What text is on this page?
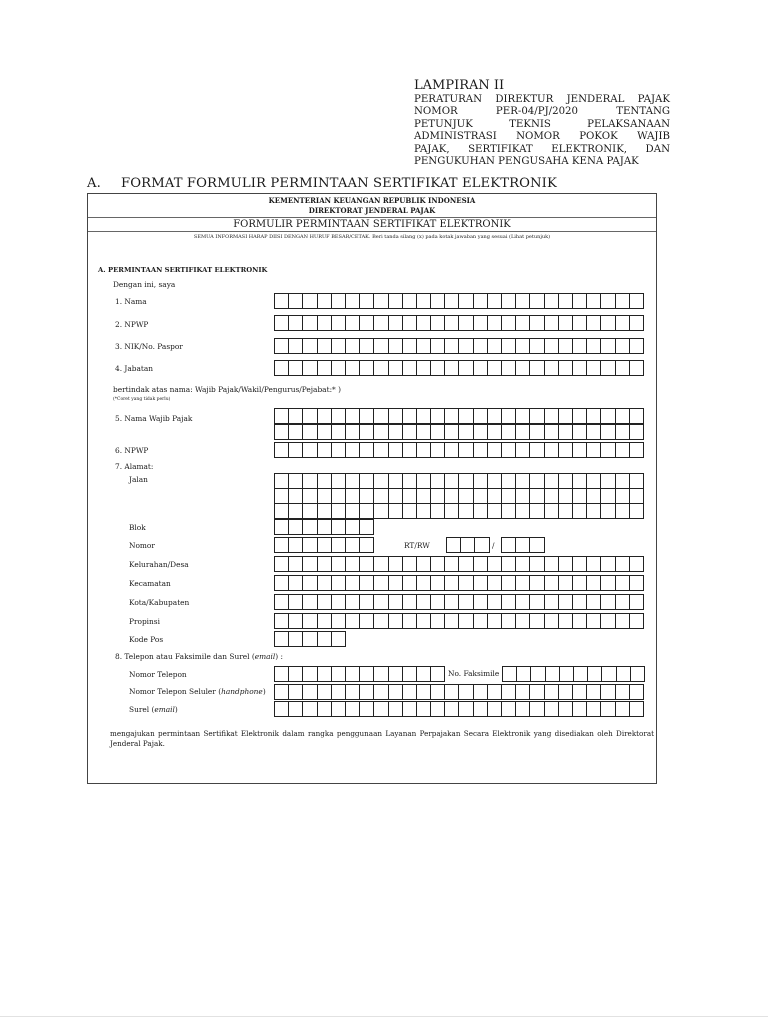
LAMPIRAN II
PERATURAN DIREKTUR JENDERAL PAJAK
NOMOR PER-04/PJ/2020 TENTANG
PETUNJUK TEKNIS PELAKSANAAN
ADMINISTRASI NOMOR POKOK WAJIB
PAJAK, SERTIFIKAT ELEKTRONIK, DAN
PENGUKUHAN PENGUSAHA KENA PAJAK
A. FORMAT FORMULIR PERMINTAAN SERTIFIKAT ELEKTRONIK
KEMENTERIAN KEUANGAN REPUBLIK INDONESIA
DIREKTORAT JENDERAL PAJAK
FORMULIR PERMINTAAN SERTIFIKAT ELEKTRONIK
SEMUA INFORMASI HARAP DIISI DENGAN HURUF BESAR/CETAK. Beri tanda silang (x) pada kotak jawaban yang sesuai (Lihat petunjuk)
A. PERMINTAAN SERTIFIKAT ELEKTRONIK
Dengan ini, saya
1. Nama
2. NPWP
3. NIK/No. Paspor
4. Jabatan
bertindak atas nama: Wajib Pajak/Wakil/Pengurus/Pejabat:* )
(*Coret yang tidak perlu)
5. Nama Wajib Pajak
6. NPWP
7. Alamat:
Jalan
Blok
Nomor	RT/RW	/
Kelurahan/Desa
Kecamatan
Kota/Kabupaten
Propinsi
Kode Pos
8. Telepon atau Faksimile dan Surel (email) :
Nomor Telepon	No. Faksimile
Nomor Telepon Seluler (handphone)
Surel (email)
mengajukan permintaan Sertifikat Elektronik dalam rangka penggunaan Layanan Perpajakan Secara Elektronik yang disediakan oleh Direktorat Jenderal Pajak.
